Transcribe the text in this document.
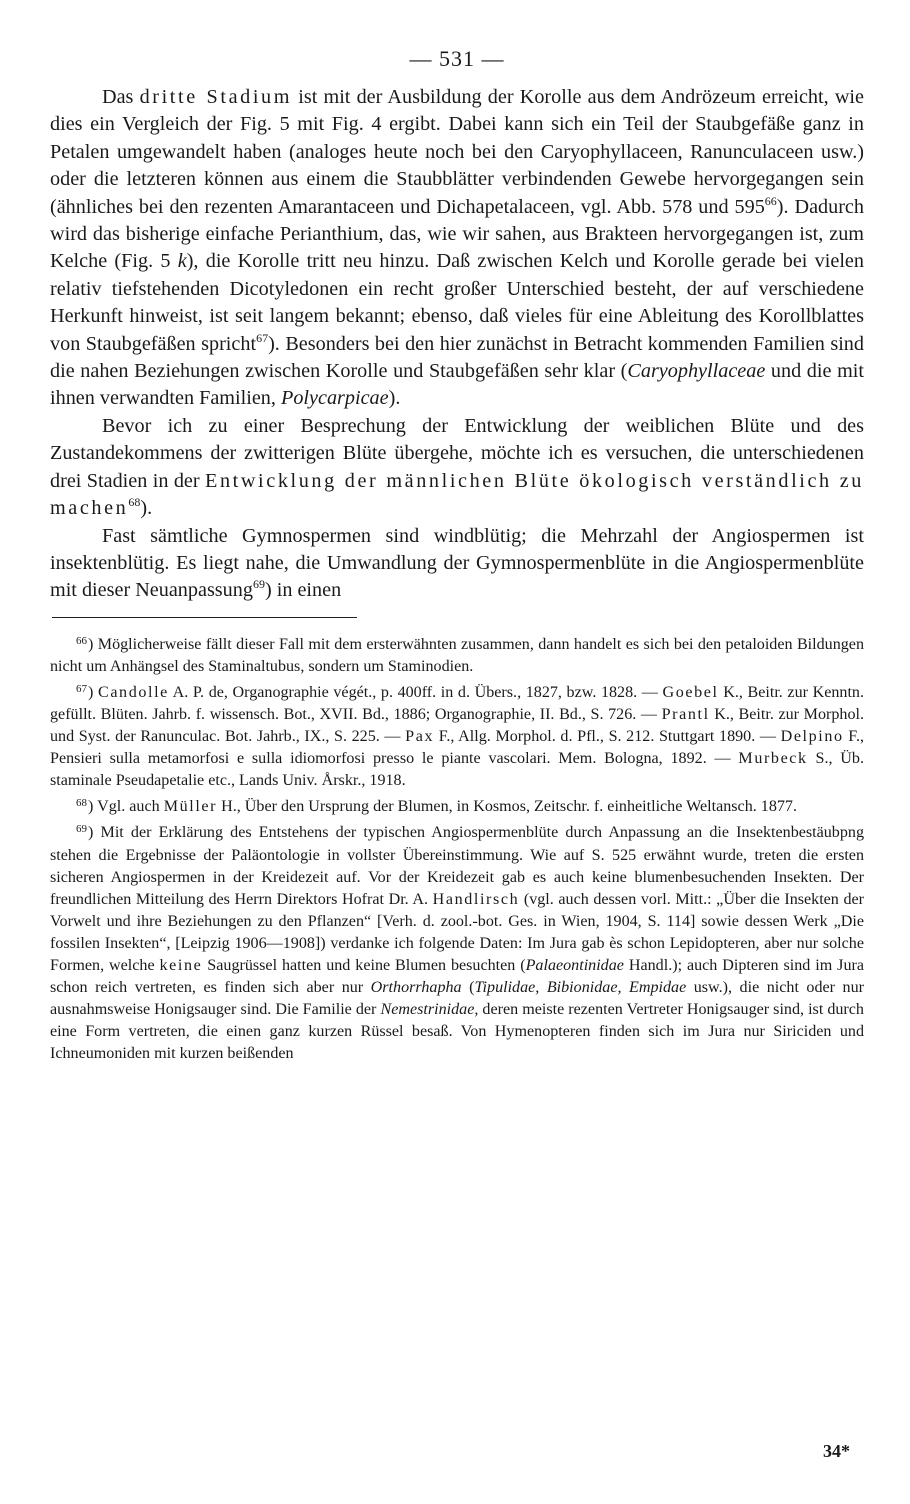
— 531 —

Das dritte Stadium ist mit der Ausbildung der Korolle aus dem Andrözeum erreicht, wie dies ein Vergleich der Fig. 5 mit Fig. 4 ergibt. Dabei kann sich ein Teil der Staubgefäße ganz in Petalen umgewandelt haben (analoges heute noch bei den Caryophyllaceen, Ranunculaceen usw.) oder die letzteren können aus einem die Staubblätter verbindenden Gewebe hervorgegangen sein (ähnliches bei den rezenten Amarantaceen und Dichapetalaceen, vgl. Abb. 578 und $595^{66}$). Dadurch wird das bisherige einfache Perianthium, das, wie wir sahen, aus Brakteen hervorgegangen ist, zum Kelche (Fig. 5 k), die Korolle tritt neu hinzu. Daß zwischen Kelch und Korolle gerade bei vielen relativ tiefstehenden Dicotyledonen ein recht großer Unterschied besteht, der auf verschiedene Herkunft hinweist, ist seit langem bekannt; ebenso, daß vieles für eine Ableitung des Korollblattes von Staubgefäßen spricht$^{67}$). Besonders bei den hier zunächst in Betracht kommenden Familien sind die nahen Beziehungen zwischen Korolle und Staubgefäßen sehr klar (Caryophyllaceae und die mit ihnen verwandten Familien, Polycarpicae).

Bevor ich zu einer Besprechung der Entwicklung der weiblichen Blüte und des Zustandekommens der zwitterigen Blüte übergehe, möchte ich es versuchen, die unterschiedenen drei Stadien in der Entwicklung der männlichen Blüte ökologisch verständlich zu machen$^{68}$).

Fast sämtliche Gymnospermen sind windblütig; die Mehrzahl der Angiospermen ist insektenblütig. Es liegt nahe, die Umwandlung der Gymnospermenblüte in die Angiospermenblüte mit dieser Neuanpassung$^{69}$) in einen

$^{66}$) Möglicherweise fällt dieser Fall mit dem ersterwähnten zusammen, dann handelt es sich bei den petaloiden Bildungen nicht um Anhängsel des Staminaltubus, sondern um Staminodien.

$^{67}$) Candolle A. P. de, Organographie végét., p. 400ff. in d. Übers., 1827, bzw. 1828. — Goebel K., Beitr. zur Kenntn. gefüllt. Blüten. Jahrb. f. wissensch. Bot., XVII. Bd., 1886; Organographie, II. Bd., S. 726. — Prantl K., Beitr. zur Morphol. und Syst. der Ranunculac. Bot. Jahrb., IX., S. 225. — Pax F., Allg. Morphol. d. Pfl., S. 212. Stuttgart 1890. — Delpino F., Pensieri sulla metamorfosi e sulla idiomorfosi presso le piante vascolari. Mem. Bologna, 1892. — Murbeck S., Üb. staminale Pseudapetalie etc., Lands Univ. Årskr., 1918.

$^{68}$) Vgl. auch Müller H., Über den Ursprung der Blumen, in Kosmos, Zeitschr. f. einheitliche Weltansch. 1877.

$^{69}$) Mit der Erklärung des Entstehens der typischen Angiospermenblüte durch Anpassung an die Insektenbestäubpng stehen die Ergebnisse der Paläontologie in vollster Übereinstimmung. Wie auf S. 525 erwähnt wurde, treten die ersten sicheren Angiospermen in der Kreidezeit auf. Vor der Kreidezeit gab es auch keine blumenbesuchenden Insekten. Der freundlichen Mitteilung des Herrn Direktors Hofrat Dr. A. Handlirsch (vgl. auch dessen vorl. Mitt.: „Über die Insekten der Vorwelt und ihre Beziehungen zu den Pflanzen“ [Verh. d. zool.-bot. Ges. in Wien, 1904, S. 114] sowie dessen Werk „Die fossilen Insekten“, [Leipzig 1906—1908]) verdanke ich folgende Daten: Im Jura gab ès schon Lepidopteren, aber nur solche Formen, welche keine Saugrüssel hatten und keine Blumen besuchten (Palaeontinidae Handl.); auch Dipteren sind im Jura schon reich vertreten, es finden sich aber nur Orthorrhapha (Tipulidae, Bibionidae, Empidae usw.), die nicht oder nur ausnahmsweise Honigsauger sind. Die Familie der Nemestrinidae, deren meiste rezenten Vertreter Honigsauger sind, ist durch eine Form vertreten, die einen ganz kurzen Rüssel besaß. Von Hymenopteren finden sich im Jura nur Siriciden und Ichneumoniden mit kurzen beißenden

34*
